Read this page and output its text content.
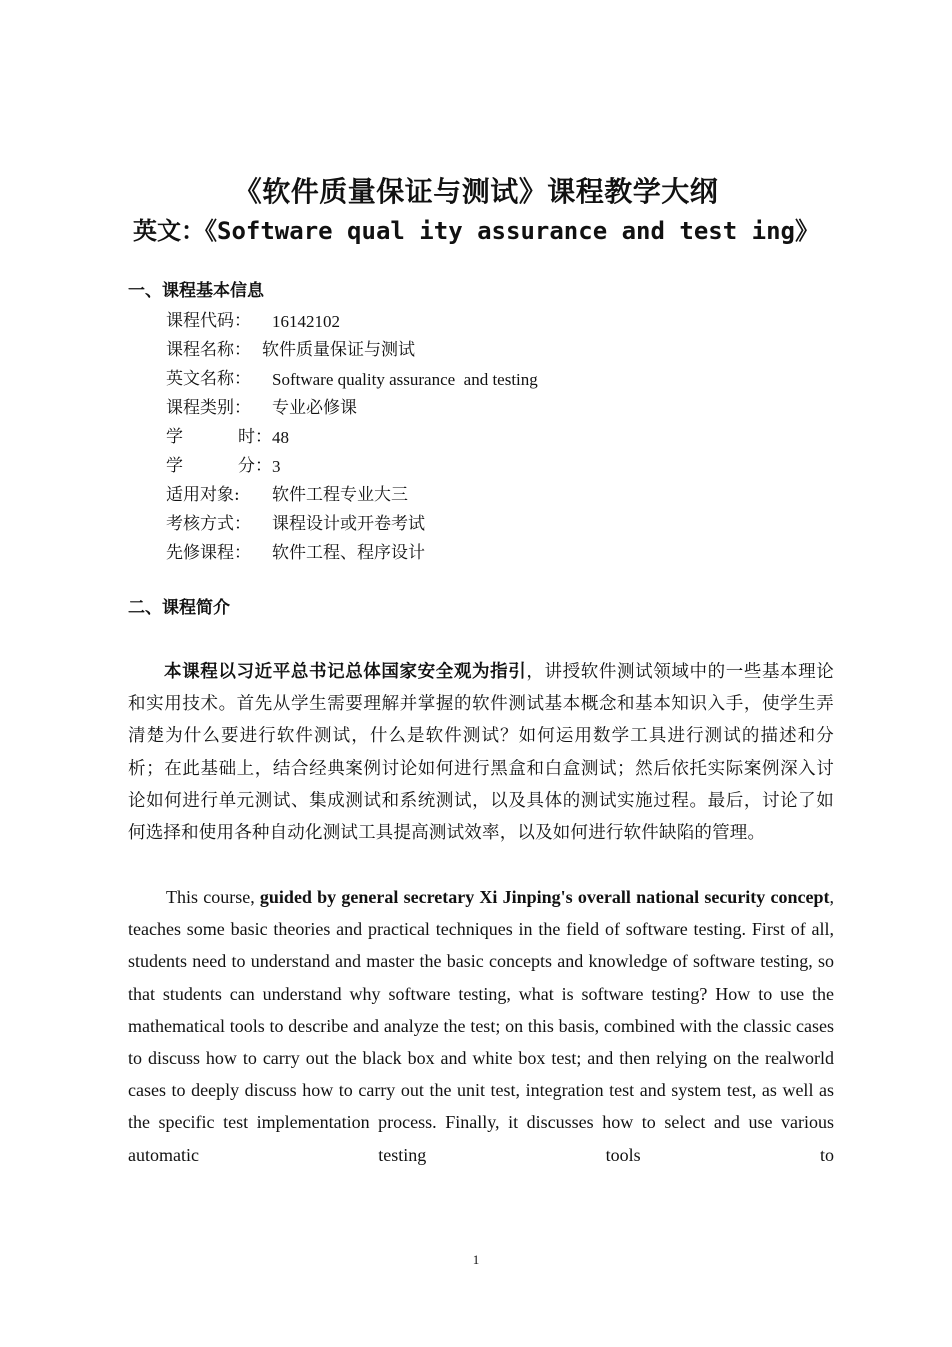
《软件质量保证与测试》课程教学大纲
英文：《Software qual ity assurance and test ing》
一、课程基本信息
课程代码：	16142102
课程名称： 软件质量保证与测试
英文名称：	Software quality assurance  and testing
课程类别：	专业必修课
学	时： 48
学	分： 3
适用对象:	软件工程专业大三
考核方式：	课程设计或开卷考试
先修课程：	软件工程、程序设计
二、课程简介

本课程以习近平总书记总体国家安全观为指引，讲授软件测试领域中的一些基本理论和实用技术。首先从学生需要理解并掌握的软件测试基本概念和基本知识入手，使学生弄清楚为什么要进行软件测试，什么是软件测试？如何运用数学工具进行测试的描述和分析；在此基础上，结合经典案例讨论如何进行黑盒和白盒测试；然后依托实际案例深入讨论如何进行单元测试、集成测试和系统测试，以及具体的测试实施过程。最后，讨论了如何选择和使用各种自动化测试工具提高测试效率，以及如何进行软件缺陷的管理。

This course, guided by general secretary Xi Jinping's overall national security concept, teaches some basic theories and practical techniques in the field of software testing. First of all, students need to understand and master the basic concepts and knowledge of software testing, so that students can understand why software testing, what is software testing? How to use the mathematical tools to describe and analyze the test; on this basis, combined with the classic cases to discuss how to carry out the black box and white box test; and then relying on the realworld cases to deeply discuss how to carry out the unit test, integration test and system test, as well as the specific test implementation process. Finally, it discusses how to select and use various automatic testing tools to

1
